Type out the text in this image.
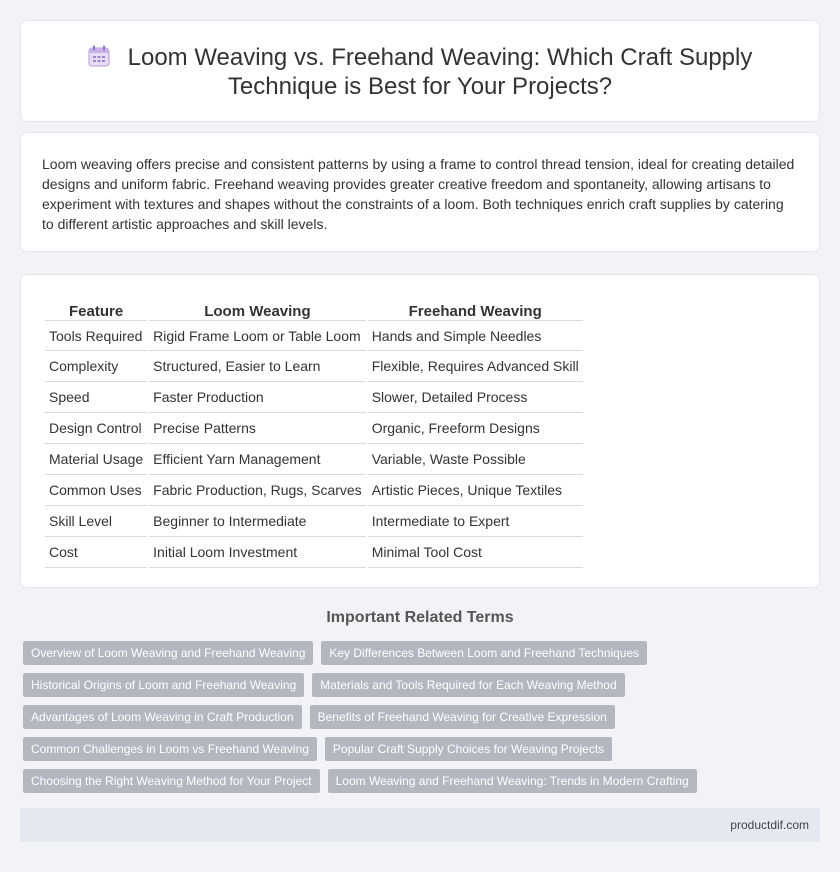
Loom Weaving vs. Freehand Weaving: Which Craft Supply
Technique is Best for Your Projects?

Loom weaving offers precise and consistent patterns by using a frame to control thread tension, ideal for creating detailed designs and uniform fabric. Freehand weaving provides greater creative freedom and spontaneity, allowing artisans to experiment with textures and shapes without the constraints of a loom. Both techniques enrich craft supplies by catering to different artistic approaches and skill levels.

Feature	Loom Weaving	Freehand Weaving
Tools Required	Rigid Frame Loom or Table Loom	Hands and Simple Needles
Complexity	Structured, Easier to Learn	Flexible, Requires Advanced Skill
Speed	Faster Production	Slower, Detailed Process
Design Control	Precise Patterns	Organic, Freeform Designs
Material Usage	Efficient Yarn Management	Variable, Waste Possible
Common Uses	Fabric Production, Rugs, Scarves	Artistic Pieces, Unique Textiles
Skill Level	Beginner to Intermediate	Intermediate to Expert
Cost	Initial Loom Investment	Minimal Tool Cost
Important Related Terms
Overview of Loom Weaving and Freehand Weaving	Key Differences Between Loom and Freehand Techniques
Historical Origins of Loom and Freehand Weaving	Materials and Tools Required for Each Weaving Method
Advantages of Loom Weaving in Craft Production	Benefits of Freehand Weaving for Creative Expression
Common Challenges in Loom vs Freehand Weaving	Popular Craft Supply Choices for Weaving Projects
Choosing the Right Weaving Method for Your Project	Loom Weaving and Freehand Weaving: Trends in Modern Crafting
productdif.com
